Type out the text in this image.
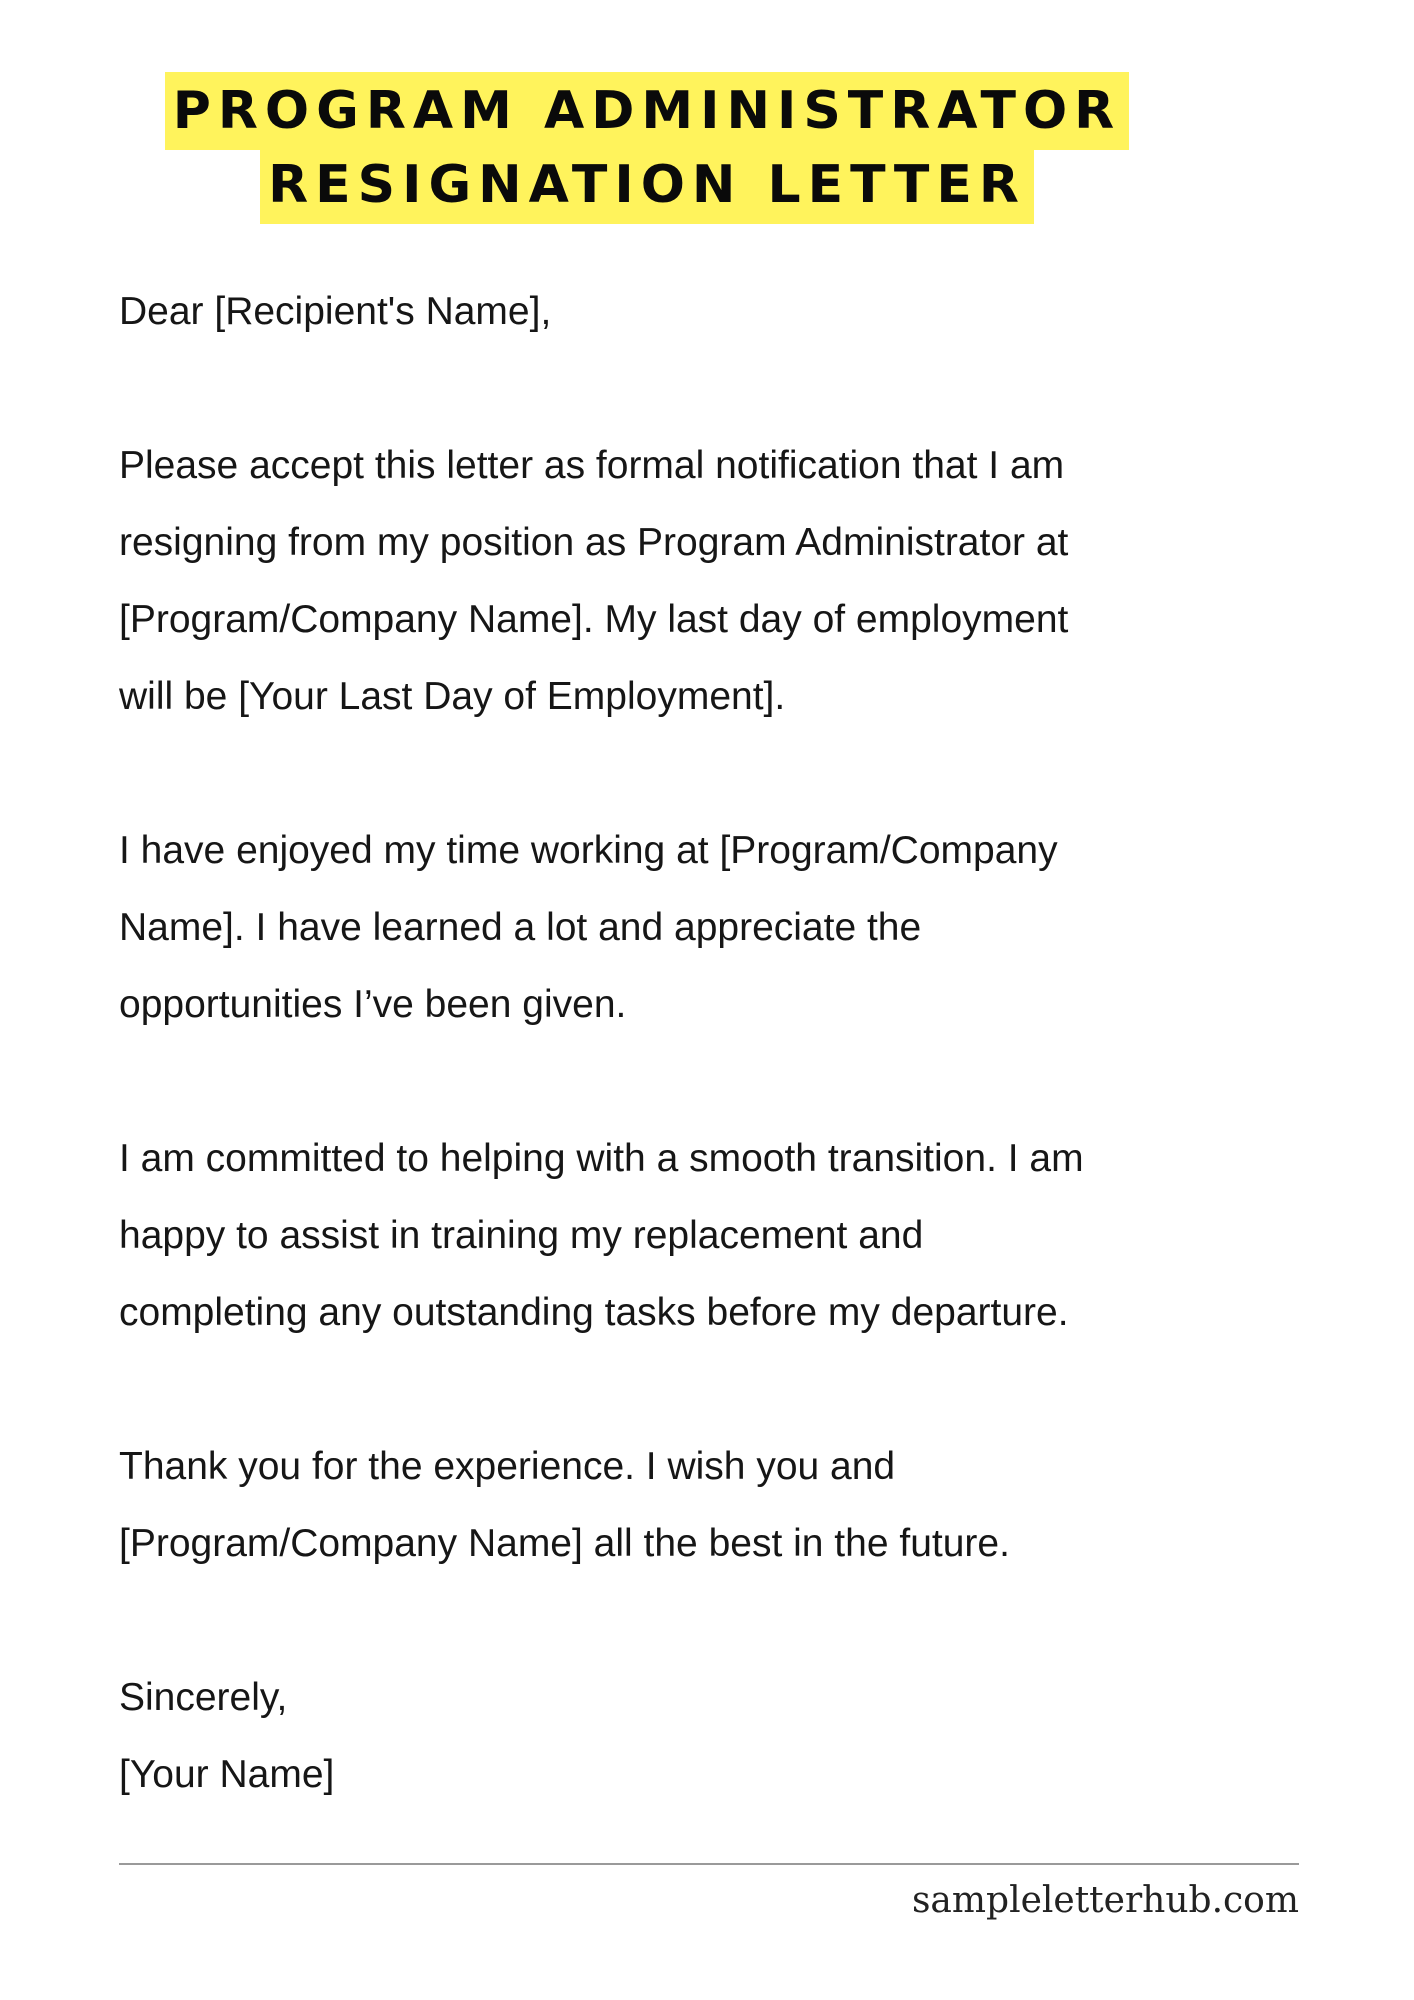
PROGRAM ADMINISTRATOR
RESIGNATION LETTER

Dear [Recipient's Name],

Please accept this letter as formal notification that I am

resigning from my position as Program Administrator at

[Program/Company Name]. My last day of employment

will be [Your Last Day of Employment].

I have enjoyed my time working at [Program/Company

Name]. I have learned a lot and appreciate the

opportunities I’ve been given.

I am committed to helping with a smooth transition. I am

happy to assist in training my replacement and

completing any outstanding tasks before my departure.

Thank you for the experience. I wish you and

[Program/Company Name] all the best in the future.

Sincerely,

[Your Name]

sampleletterhub.com
